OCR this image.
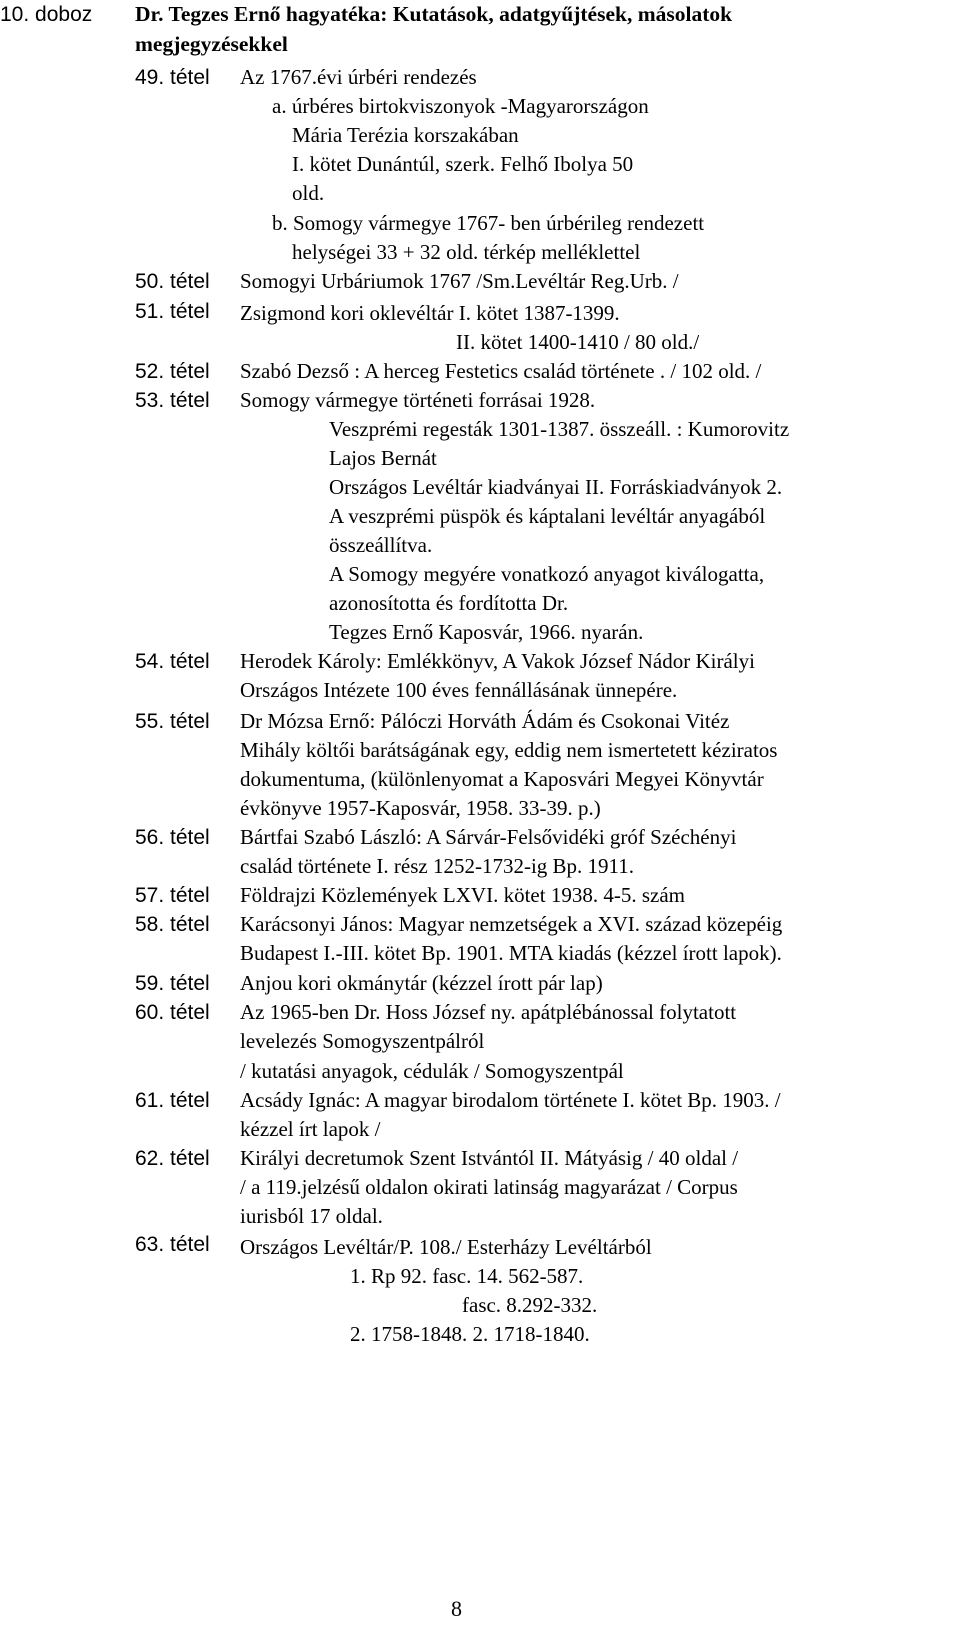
10. doboz Dr. Tegzes Ernő hagyatéka: Kutatások, adatgyűjtések, másolatok
megjegyzésekkel
49. tétel Az 1767.évi úrbéri rendezés
a. úrbéres birtokviszonyok -Magyarországon
Mária Terézia korszakában
I. kötet Dunántúl, szerk. Felhő Ibolya 50
old.
b. Somogy vármegye 1767- ben úrbérileg rendezett
helységei 33 + 32 old. térkép melléklettel
50. tétel Somogyi Urbáriumok 1767 /Sm.Levéltár Reg.Urb. /
51. tétel Zsigmond kori oklevéltár I. kötet 1387-1399.
II. kötet 1400-1410 / 80 old./
52. tétel Szabó Dezső : A herceg Festetics család története . / 102 old. /
53. tétel Somogy vármegye történeti forrásai 1928.
Veszprémi regesták 1301-1387. összeáll. : Kumorovitz
Lajos Bernát
Országos Levéltár kiadványai II. Forráskiadványok 2.
A veszprémi püspök és káptalani levéltár anyagából
összeállítva.
A Somogy megyére vonatkozó anyagot kiválogatta,
azonosította és fordította Dr.
Tegzes Ernő Kaposvár, 1966. nyarán.
54. tétel Herodek Károly: Emlékkönyv, A Vakok József Nádor Királyi
Országos Intézete 100 éves fennállásának ünnepére.
55. tétel Dr Mózsa Ernő: Pálóczi Horváth Ádám és Csokonai Vitéz
Mihály költői barátságának egy, eddig nem ismertetett kéziratos
dokumentuma, (különlenyomat a Kaposvári Megyei Könyvtár
évkönyve 1957-Kaposvár, 1958. 33-39. p.)
56. tétel Bártfai Szabó László: A Sárvár-Felsővidéki gróf Széchényi
család története I. rész 1252-1732-ig Bp. 1911.
57. tétel Földrajzi Közlemények LXVI. kötet 1938. 4-5. szám
58. tétel Karácsonyi János: Magyar nemzetségek a XVI. század közepéig
Budapest I.-III. kötet Bp. 1901. MTA kiadás (kézzel írott lapok).
59. tétel Anjou kori okmánytár (kézzel írott pár lap)
60. tétel Az 1965-ben Dr. Hoss József ny. apátplébánossal folytatott
levelezés Somogyszentpálról
/ kutatási anyagok, cédulák / Somogyszentpál
61. tétel Acsády Ignác: A magyar birodalom története I. kötet Bp. 1903. /
kézzel írt lapok /
62. tétel Királyi decretumok Szent Istvántól II. Mátyásig / 40 oldal /
/ a 119.jelzésű oldalon okirati latinság magyarázat / Corpus
iurisból 17 oldal.
63. tétel Országos Levéltár/P. 108./ Esterházy Levéltárból
1. Rp 92. fasc. 14. 562-587.
fasc. 8.292-332.
2. 1758-1848. 2. 1718-1840.
8
